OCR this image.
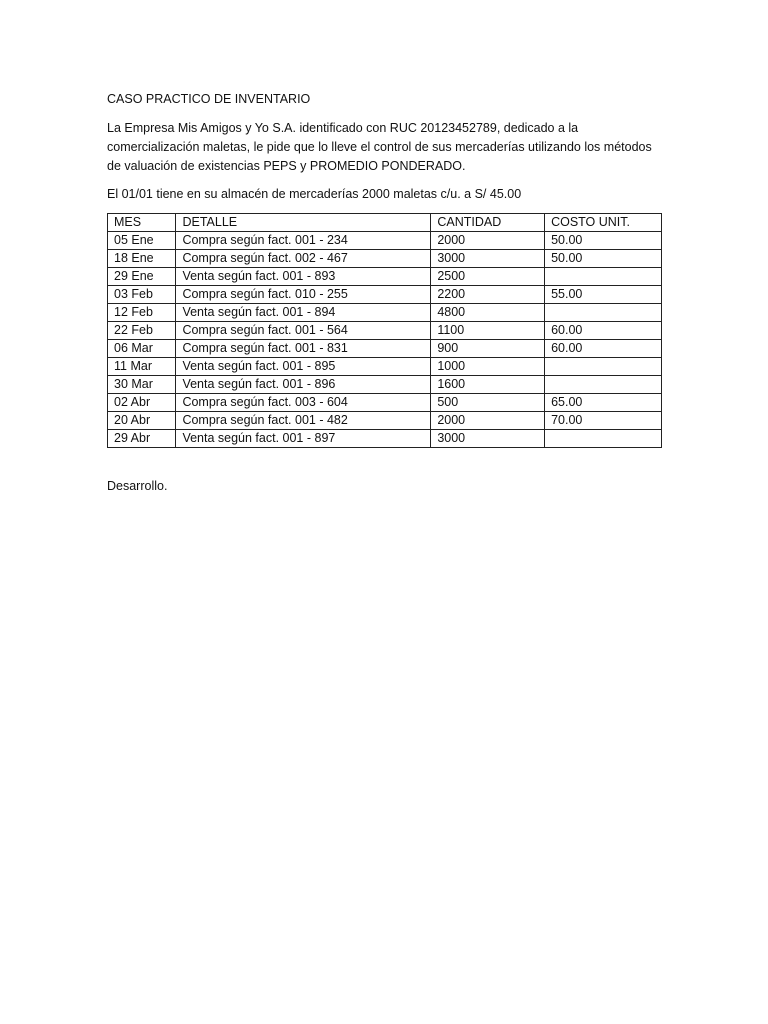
CASO PRACTICO DE INVENTARIO
La Empresa Mis Amigos y Yo S.A. identificado con RUC 20123452789, dedicado a la
comercialización maletas, le pide que lo lleve el control de sus mercaderías utilizando los métodos
de valuación de existencias PEPS y PROMEDIO PONDERADO.
El 01/01 tiene en su almacén de mercaderías 2000 maletas c/u. a S/ 45.00
MES	DETALLE	CANTIDAD	COSTO UNIT.
05 Ene	Compra según fact. 001 - 234	2000	50.00
18 Ene	Compra según fact. 002 - 467	3000	50.00
29 Ene	Venta según fact. 001 - 893	2500	
03 Feb	Compra según fact. 010 - 255	2200	55.00
12 Feb	Venta según fact. 001 - 894	4800	
22 Feb	Compra según fact. 001 - 564	1100	60.00
06 Mar	Compra según fact. 001 - 831	900	60.00
11 Mar	Venta según fact. 001 - 895	1000	
30 Mar	Venta según fact. 001 - 896	1600	
02 Abr	Compra según fact. 003 - 604	500	65.00
20 Abr	Compra según fact. 001 - 482	2000	70.00
29 Abr	Venta según fact. 001 - 897	3000	
Desarrollo.
